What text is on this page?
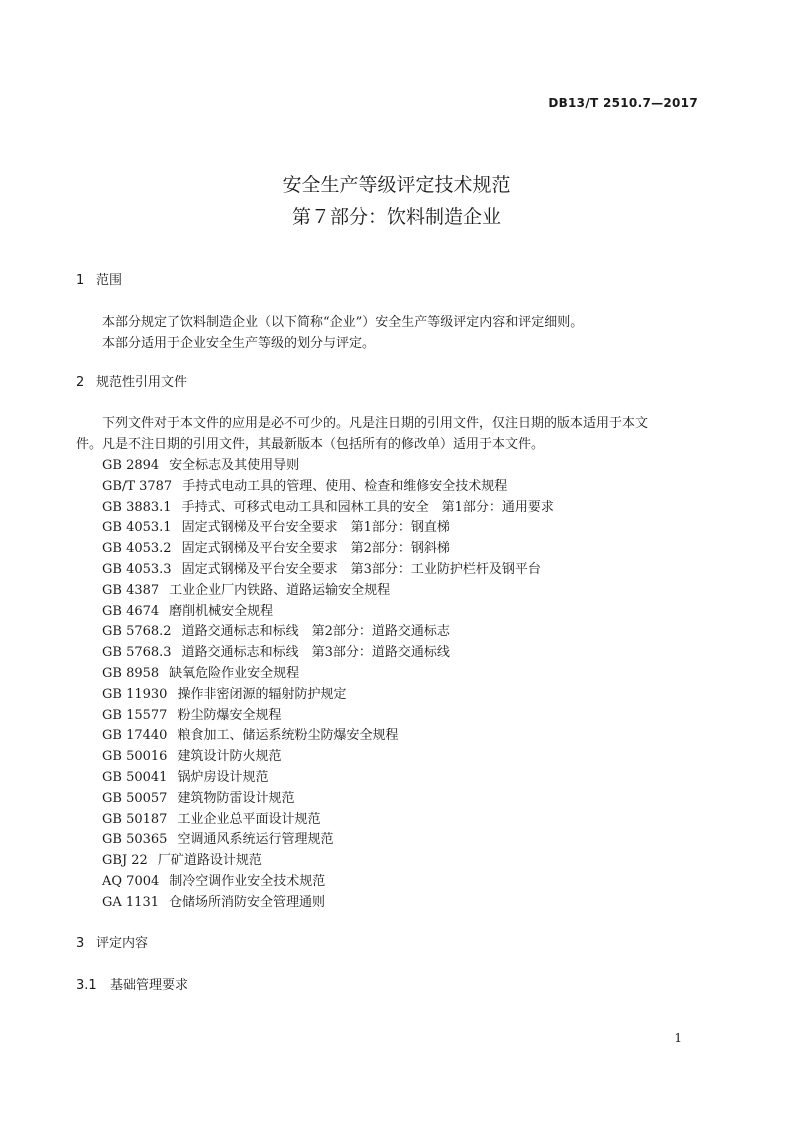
DB13/T 2510.7—2017
安全生产等级评定技术规范
第７部分：饮料制造企业
1 范围
本部分规定了饮料制造企业（以下简称“企业”）安全生产等级评定内容和评定细则。
本部分适用于企业安全生产等级的划分与评定。
2 规范性引用文件
下列文件对于本文件的应用是必不可少的。凡是注日期的引用文件，仅注日期的版本适用于本文
件。凡是不注日期的引用文件，其最新版本（包括所有的修改单）适用于本文件。
GB 2894 安全标志及其使用导则
GB/T 3787 手持式电动工具的管理、使用、检查和维修安全技术规程
GB 3883.1 手持式、可移式电动工具和园林工具的安全　第1部分：通用要求
GB 4053.1 固定式钢梯及平台安全要求　第1部分：钢直梯
GB 4053.2 固定式钢梯及平台安全要求　第2部分：钢斜梯
GB 4053.3 固定式钢梯及平台安全要求　第3部分：工业防护栏杆及钢平台
GB 4387 工业企业厂内铁路、道路运输安全规程
GB 4674 磨削机械安全规程
GB 5768.2 道路交通标志和标线　第2部分：道路交通标志
GB 5768.3 道路交通标志和标线　第3部分：道路交通标线
GB 8958 缺氧危险作业安全规程
GB 11930 操作非密闭源的辐射防护规定
GB 15577 粉尘防爆安全规程
GB 17440 粮食加工、储运系统粉尘防爆安全规程
GB 50016 建筑设计防火规范
GB 50041 锅炉房设计规范
GB 50057 建筑物防雷设计规范
GB 50187 工业企业总平面设计规范
GB 50365 空调通风系统运行管理规范
GBJ 22 厂矿道路设计规范
AQ 7004 制冷空调作业安全技术规范
GA 1131 仓储场所消防安全管理通则
3 评定内容
3.1 基础管理要求
1
